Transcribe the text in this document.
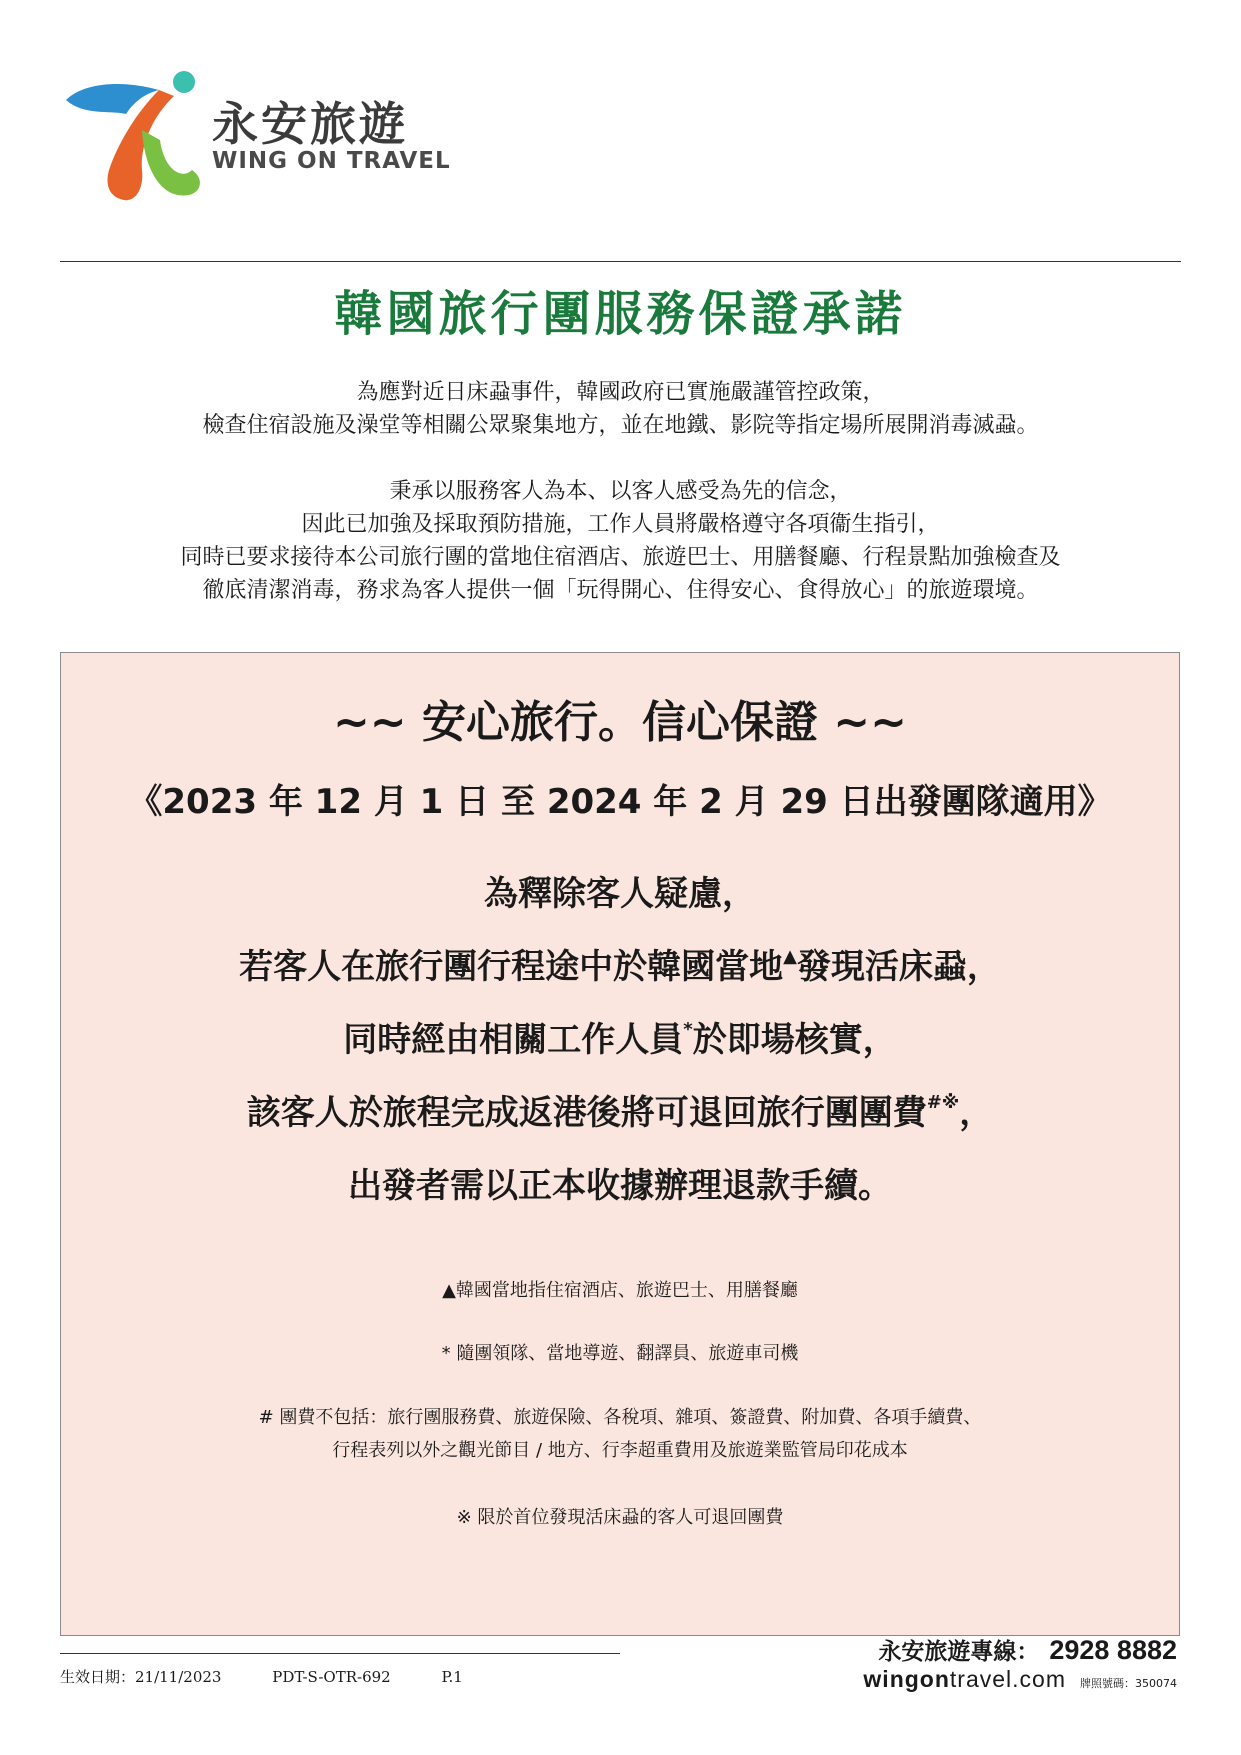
永安旅遊
WING ON TRAVEL
韓國旅行團服務保證承諾
為應對近日床蝨事件，韓國政府已實施嚴謹管控政策，
檢查住宿設施及澡堂等相關公眾聚集地方，並在地鐵、影院等指定場所展開消毒滅蝨。
秉承以服務客人為本、以客人感受為先的信念，
因此已加強及採取預防措施，工作人員將嚴格遵守各項衞生指引，
同時已要求接待本公司旅行團的當地住宿酒店、旅遊巴士、用膳餐廳、行程景點加強檢查及
徹底清潔消毒，務求為客人提供一個「玩得開心、住得安心、食得放心」的旅遊環境。
~~ 安心旅行。信心保證 ~~
《2023 年 12 月 1 日 至 2024 年 2 月 29 日出發團隊適用》
為釋除客人疑慮，
若客人在旅行團行程途中於韓國當地▲發現活床蝨，
同時經由相關工作人員*於即場核實，
該客人於旅程完成返港後將可退回旅行團團費#※，
出發者需以正本收據辦理退款手續。
▲韓國當地指住宿酒店、旅遊巴士、用膳餐廳
* 隨團領隊、當地導遊、翻譯員、旅遊車司機
# 團費不包括：旅行團服務費、旅遊保險、各稅項、雜項、簽證費、附加費、各項手續費、
行程表列以外之觀光節目 / 地方、行李超重費用及旅遊業監管局印花成本
※ 限於首位發現活床蝨的客人可退回團費
生效日期：21/11/2023	PDT-S-OTR-692	P.1
永安旅遊專線： 2928 8882
wingontravel.com 牌照號碼：350074
